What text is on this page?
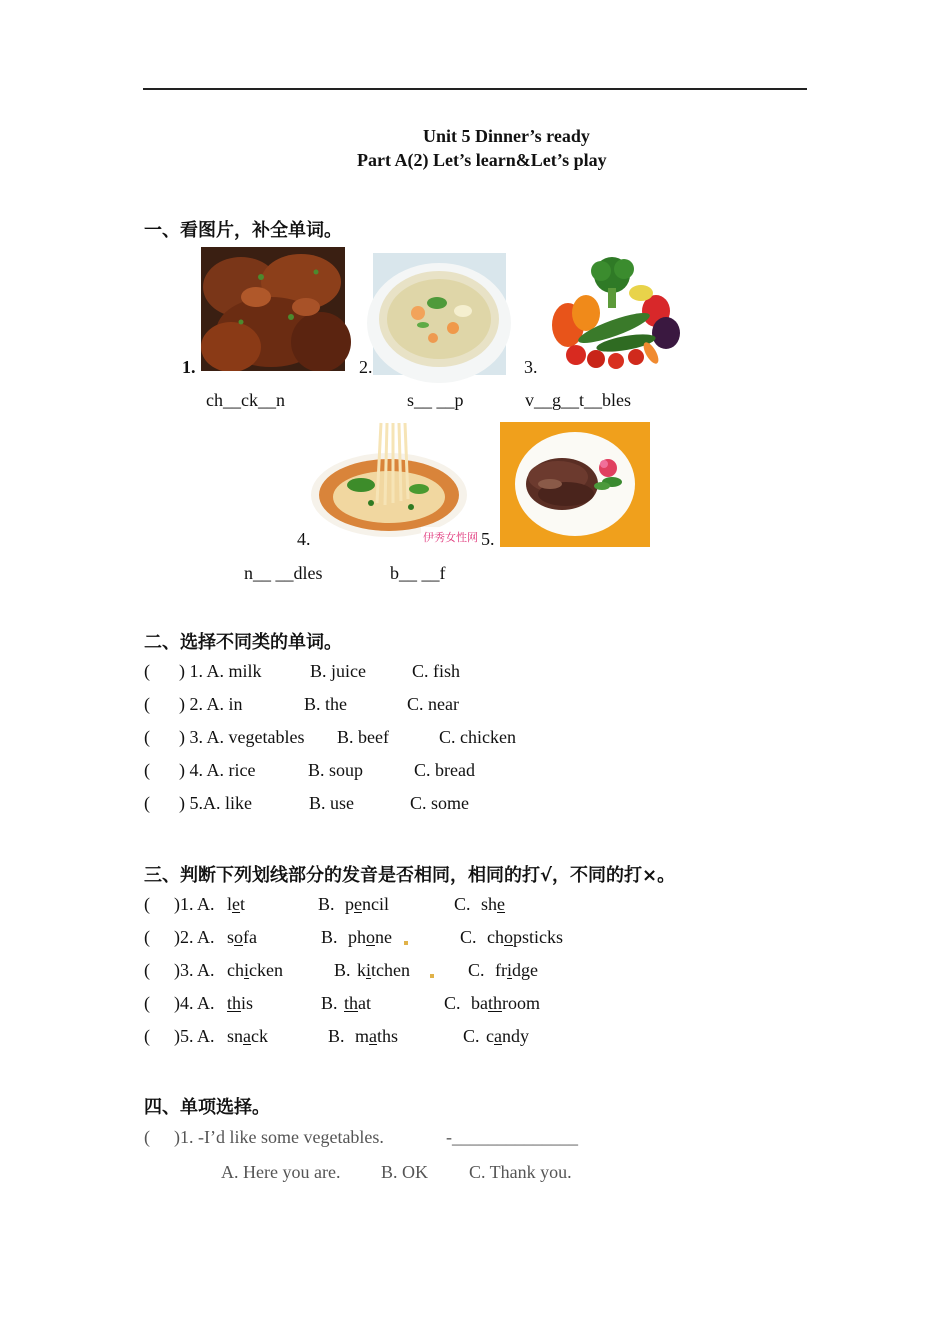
Unit 5 Dinner’s ready
Part A(2) Let’s learn&Let’s play
一、看图片，补全单词。
1.	2.	3.
ch__ck__n	s__ __p	v__g__t__bles
伊秀女性网
4.	5.
n__ __dles	b__ __f
二、选择不同类的单词。
( ) 1. A. milk	B. juice	C. fish
( ) 2. A. in	B. the	C. near
( ) 3. A. vegetables B. beef	C. chicken
( ) 4. A. rice	B. soup	C. bread
( ) 5.A. like	B. use	C. some
三、判断下列划线部分的发音是否相同，相同的打√，不同的打×。
( )1. A. let	B. pencil	C. she
( )2. A. sofa	B. phone	C. chopsticks
( )3. A. chicken	B. kitchen	C. fridge
( )4. A. this	B. that	C. bathroom
( )5. A. snack	B. maths	C. candy
四、单项选择。
( )1. -I’d like some vegetables.	-______________
A. Here you are. B. OK C. Thank you.
